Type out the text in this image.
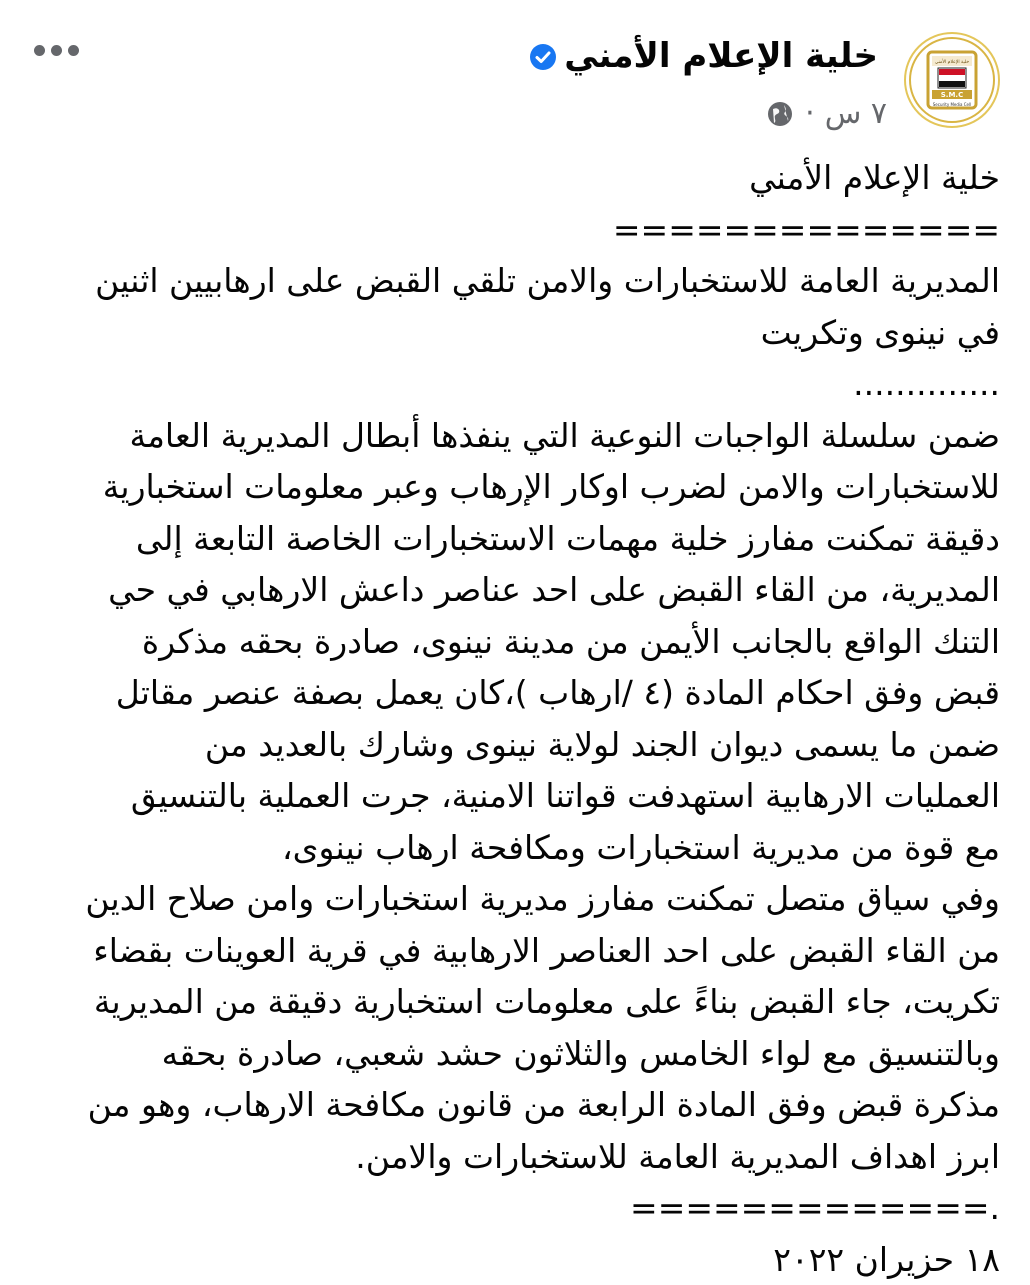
S.M.C
Security Media Cell
خلية الإعلام الأمني
خلية الإعلام الأمني
٧ س
·
خلية الإعلام الأمني
==============
المديرية العامة للاستخبارات والامن تلقي القبض على ارهابيين اثنين
في نينوى وتكريت
..............
ضمن سلسلة الواجبات النوعية التي ينفذها أبطال المديرية العامة
للاستخبارات والامن لضرب اوكار الإرهاب وعبر معلومات استخبارية
دقيقة تمكنت مفارز خلية مهمات الاستخبارات الخاصة التابعة إلى
المديرية، من القاء القبض على احد عناصر داعش الارهابي في حي
التنك الواقع بالجانب الأيمن من مدينة نينوى، صادرة بحقه مذكرة
قبض وفق احكام المادة (٤ /ارهاب )،كان يعمل بصفة عنصر مقاتل
ضمن ما يسمى ديوان الجند لولاية نينوى وشارك بالعديد من
العمليات الارهابية استهدفت قواتنا الامنية، جرت العملية بالتنسيق
مع قوة من مديرية استخبارات ومكافحة ارهاب نينوى،
وفي سياق متصل تمكنت مفارز مديرية استخبارات وامن صلاح الدين
من القاء القبض على احد العناصر الارهابية في قرية العوينات بقضاء
تكريت، جاء القبض بناءً على معلومات استخبارية دقيقة من المديرية
وبالتنسيق مع لواء الخامس والثلاثون حشد شعبي، صادرة بحقه
مذكرة قبض وفق المادة الرابعة من قانون مكافحة الارهاب، وهو من
ابرز اهداف المديرية العامة للاستخبارات والامن.
=============.
١٨ حزيران ٢٠٢٢
